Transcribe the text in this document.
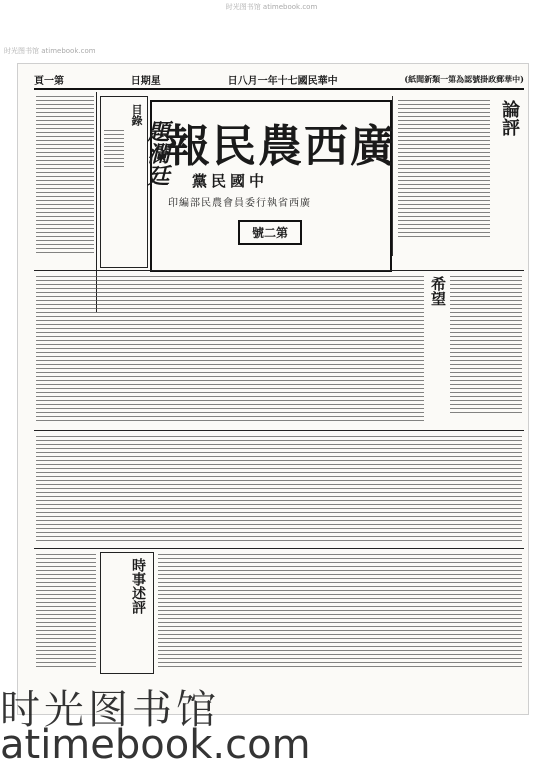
时光图书馆 atimebook.com
时光图书馆 atimebook.com
頁一第	日期星	日八月一年十七國民華中	(紙聞新類一第為認號掛政郵華中)
目錄
報民農西廣
黨民國中
印編部民農會員委行執省西廣
號二第
題瀾廷
論評
希望
時事述評
时光图书馆
atimebook.com
